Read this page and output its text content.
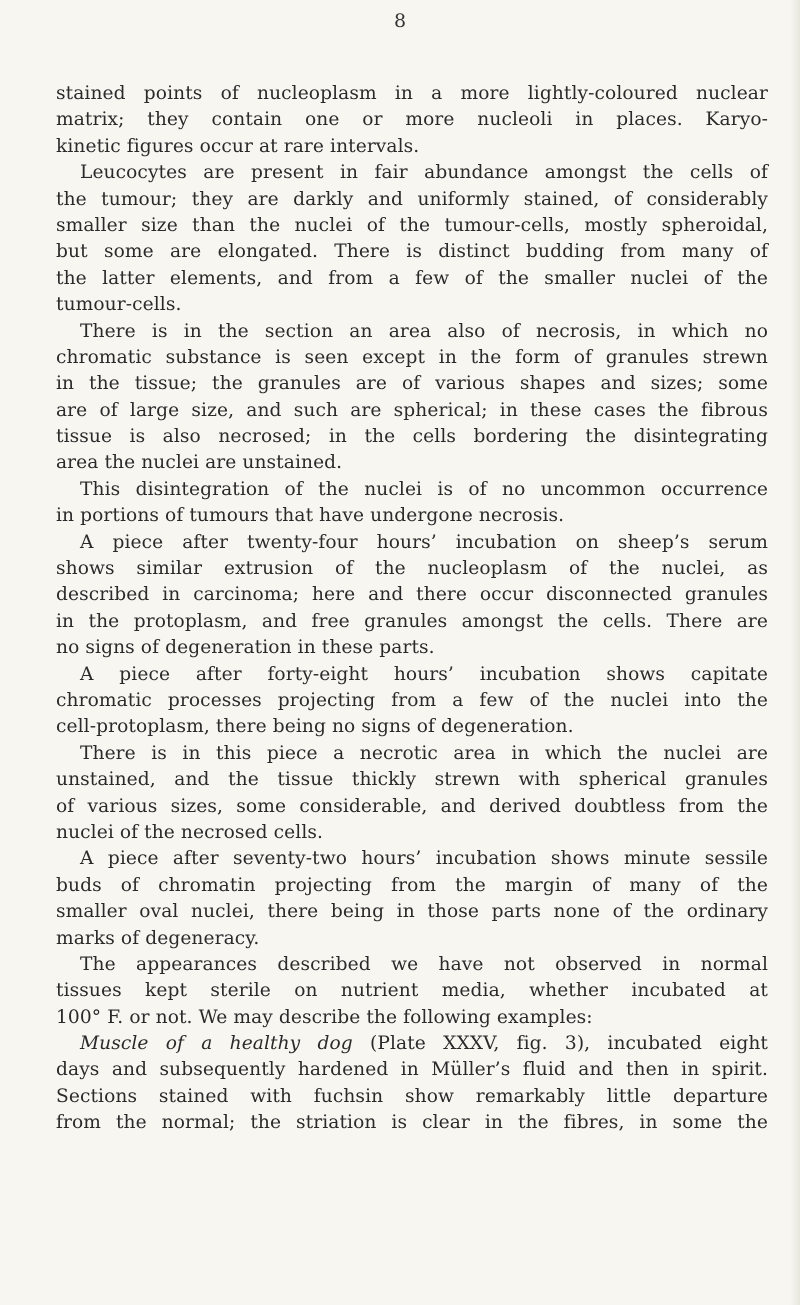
8
stained points of nucleoplasm in a more lightly-coloured nuclear
matrix; they contain one or more nucleoli in places. Karyo-
kinetic figures occur at rare intervals.
Leucocytes are present in fair abundance amongst the cells of
the tumour; they are darkly and uniformly stained, of considerably
smaller size than the nuclei of the tumour-cells, mostly spheroidal,
but some are elongated. There is distinct budding from many of
the latter elements, and from a few of the smaller nuclei of the
tumour-cells.
There is in the section an area also of necrosis, in which no
chromatic substance is seen except in the form of granules strewn
in the tissue; the granules are of various shapes and sizes; some
are of large size, and such are spherical; in these cases the fibrous
tissue is also necrosed; in the cells bordering the disintegrating
area the nuclei are unstained.
This disintegration of the nuclei is of no uncommon occurrence
in portions of tumours that have undergone necrosis.
A piece after twenty-four hours’ incubation on sheep’s serum
shows similar extrusion of the nucleoplasm of the nuclei, as
described in carcinoma; here and there occur disconnected granules
in the protoplasm, and free granules amongst the cells. There are
no signs of degeneration in these parts.
A piece after forty-eight hours’ incubation shows capitate
chromatic processes projecting from a few of the nuclei into the
cell-protoplasm, there being no signs of degeneration.
There is in this piece a necrotic area in which the nuclei are
unstained, and the tissue thickly strewn with spherical granules
of various sizes, some considerable, and derived doubtless from the
nuclei of the necrosed cells.
A piece after seventy-two hours’ incubation shows minute sessile
buds of chromatin projecting from the margin of many of the
smaller oval nuclei, there being in those parts none of the ordinary
marks of degeneracy.
The appearances described we have not observed in normal
tissues kept sterile on nutrient media, whether incubated at
100° F. or not. We may describe the following examples:
Muscle of a healthy dog (Plate XXXV, fig. 3), incubated eight
days and subsequently hardened in Müller’s fluid and then in spirit.
Sections stained with fuchsin show remarkably little departure
from the normal; the striation is clear in the fibres, in some the
